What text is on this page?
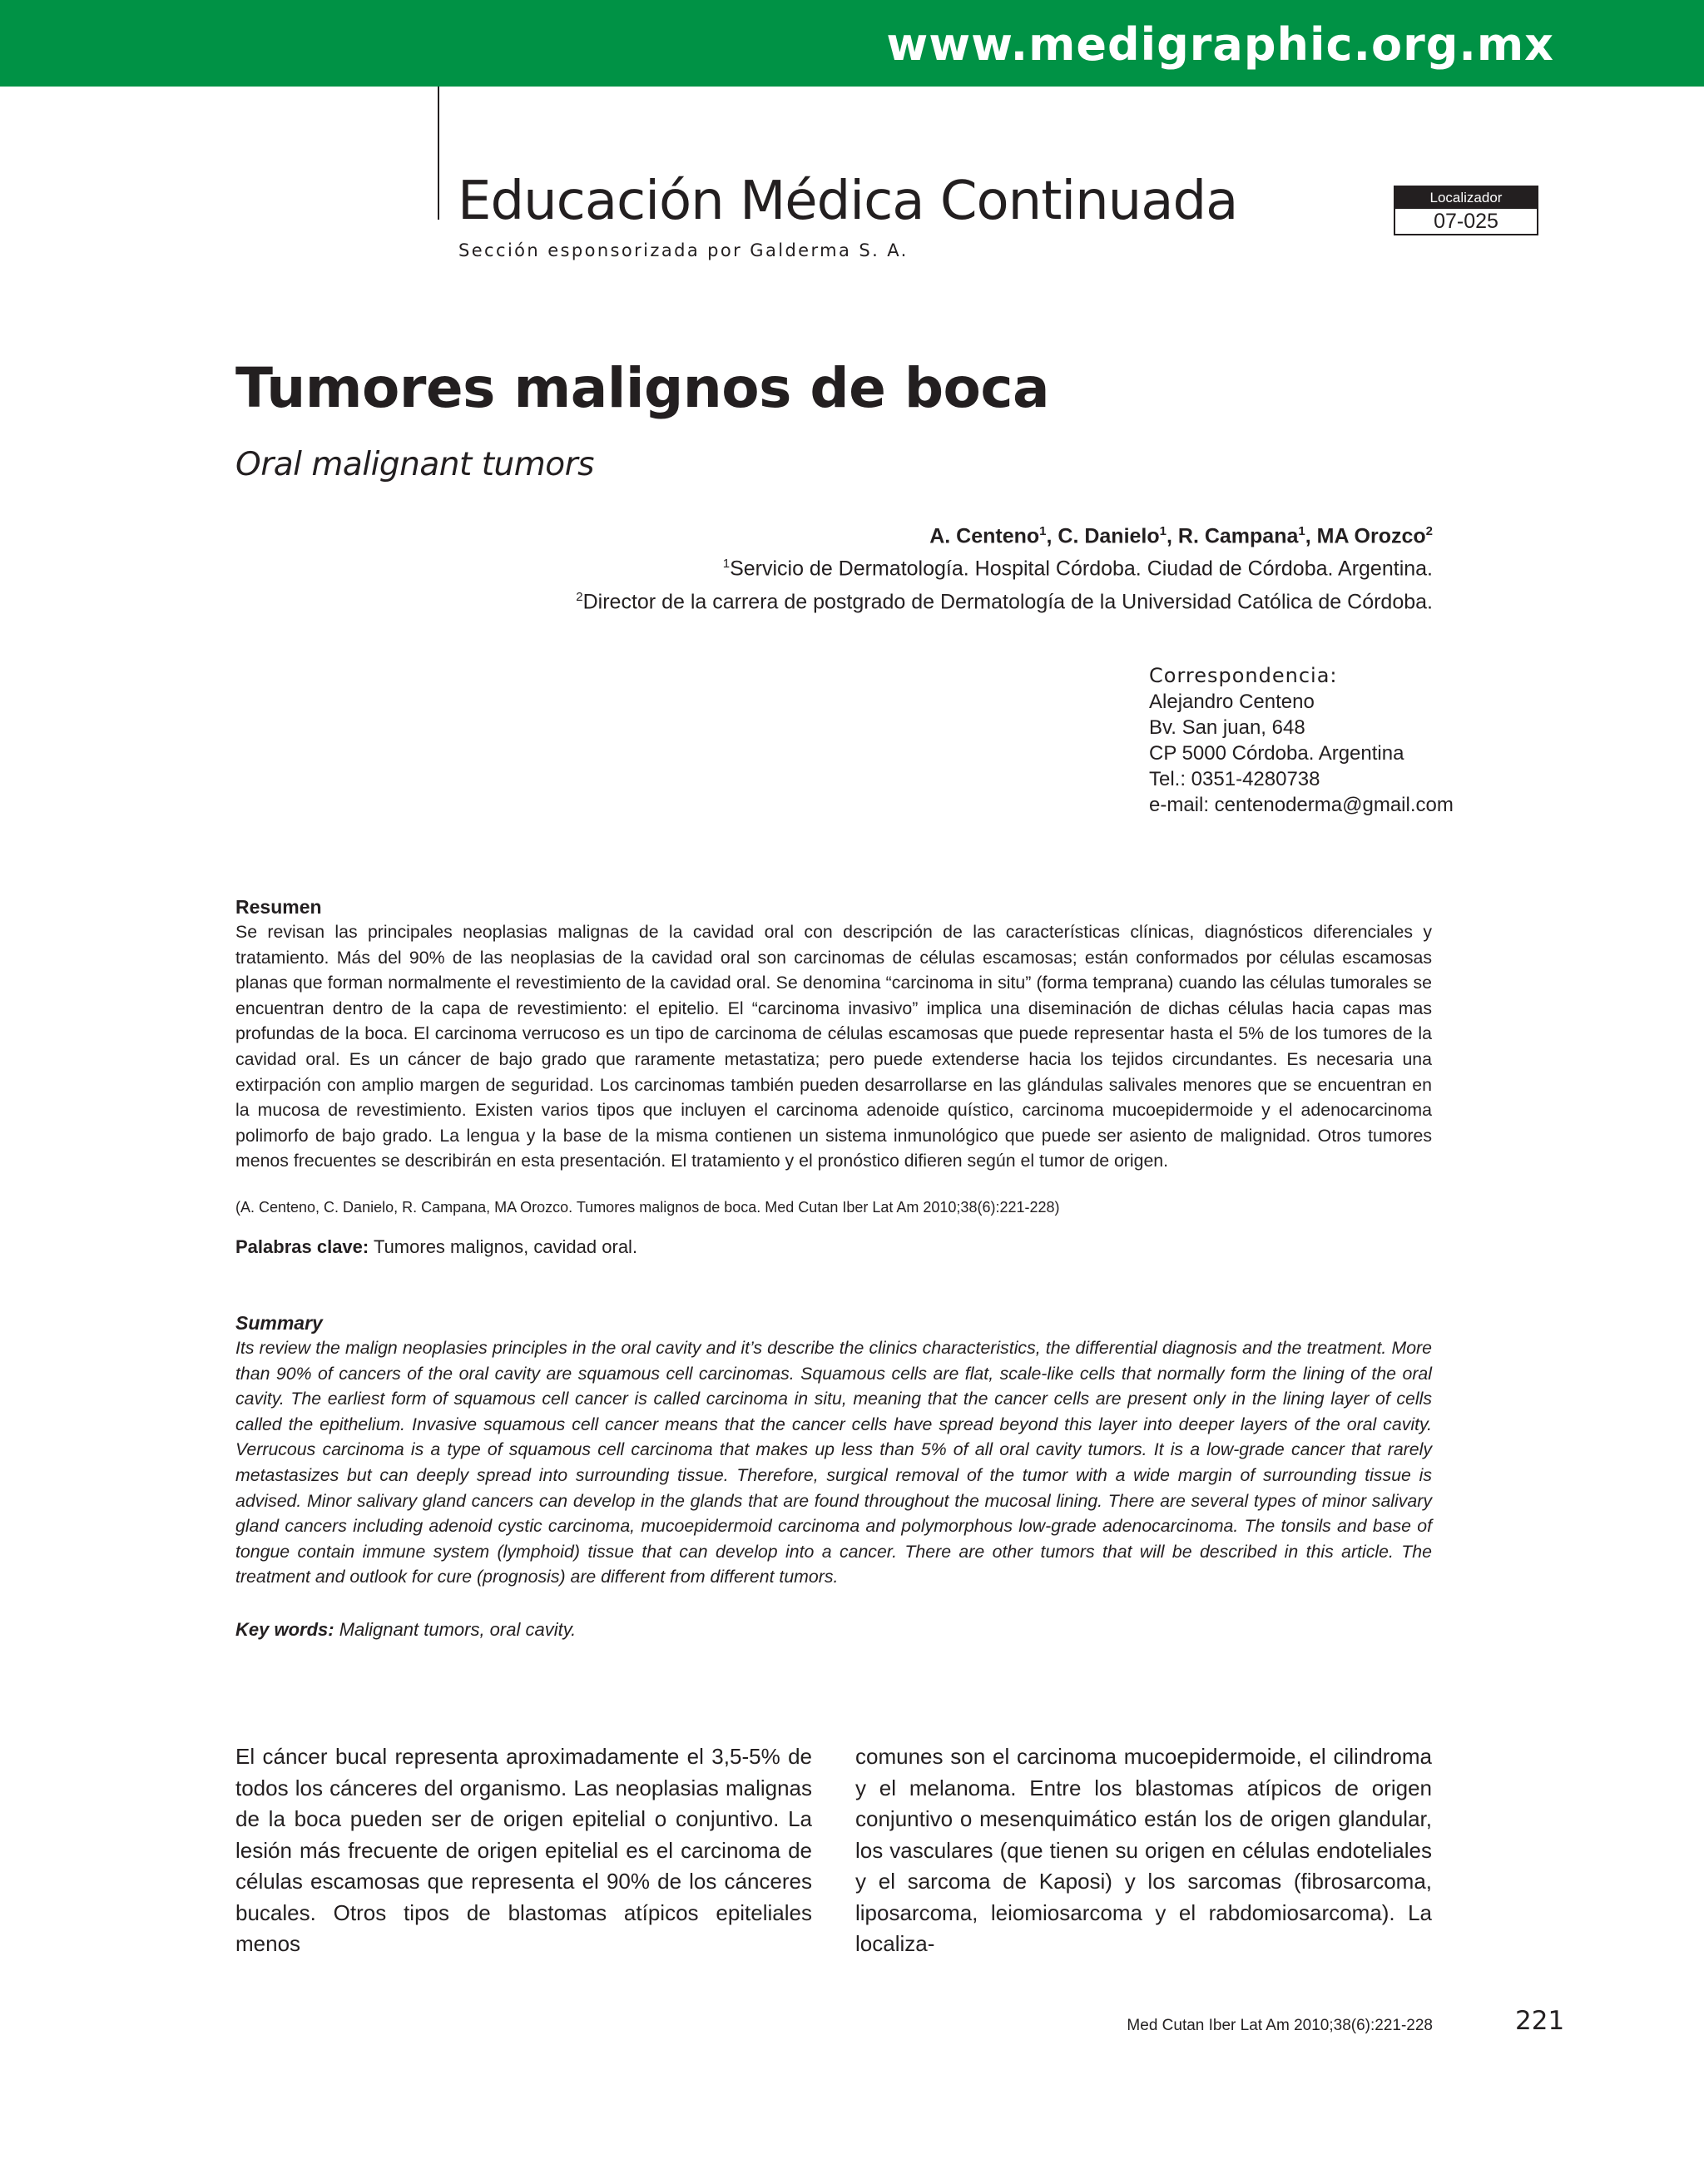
www.medigraphic.org.mx
Educación Médica Continuada
Sección esponsorizada por Galderma S. A.
Localizador
07-025
Tumores malignos de boca
Oral malignant tumors
A. Centeno$^1$, C. Danielo$^1$, R. Campana$^1$, MA Orozco$^2$
$^1$Servicio de Dermatología. Hospital Córdoba. Ciudad de Córdoba. Argentina.
$^2$Director de la carrera de postgrado de Dermatología de la Universidad Católica de Córdoba.
Correspondencia:
Alejandro Centeno
Bv. San juan, 648
CP 5000 Córdoba. Argentina
Tel.: 0351-4280738
e-mail: centenoderma@gmail.com
Resumen

Se revisan las principales neoplasias malignas de la cavidad oral con descripción de las características clínicas, diagnósticos diferenciales y tratamiento. Más del 90% de las neoplasias de la cavidad oral son carcinomas de células escamosas; están conformados por células escamosas planas que forman normalmente el revestimiento de la cavidad oral. Se denomina “carcinoma in situ” (forma temprana) cuando las células tumorales se encuentran dentro de la capa de revestimiento: el epitelio. El “carcinoma invasivo” implica una diseminación de dichas células hacia capas mas profundas de la boca. El carcinoma verrucoso es un tipo de carcinoma de células escamosas que puede representar hasta el 5% de los tumores de la cavidad oral. Es un cáncer de bajo grado que raramente metastatiza; pero puede extenderse hacia los tejidos circundantes. Es necesaria una extirpación con amplio margen de seguridad. Los carcinomas también pueden desarrollarse en las glándulas salivales menores que se encuentran en la mucosa de revestimiento. Existen varios tipos que incluyen el carcinoma adenoide quístico, carcinoma mucoepidermoide y el adenocarcinoma polimorfo de bajo grado. La lengua y la base de la misma contienen un sistema inmunológico que puede ser asiento de malignidad. Otros tumores menos frecuentes se describirán en esta presentación. El tratamiento y el pronóstico difieren según el tumor de origen.

(A. Centeno, C. Danielo, R. Campana, MA Orozco. Tumores malignos de boca. Med Cutan Iber Lat Am 2010;38(6):221-228)
Palabras clave: Tumores malignos, cavidad oral.
Summary

Its review the malign neoplasies principles in the oral cavity and it’s describe the clinics characteristics, the differential diagnosis and the treatment. More than 90% of cancers of the oral cavity are squamous cell carcinomas. Squamous cells are flat, scale-like cells that normally form the lining of the oral cavity. The earliest form of squamous cell cancer is called carcinoma in situ, meaning that the cancer cells are present only in the lining layer of cells called the epithelium. Invasive squamous cell cancer means that the cancer cells have spread beyond this layer into deeper layers of the oral cavity. Verrucous carcinoma is a type of squamous cell carcinoma that makes up less than 5% of all oral cavity tumors. It is a low-grade cancer that rarely metastasizes but can deeply spread into surrounding tissue. Therefore, surgical removal of the tumor with a wide margin of surrounding tissue is advised. Minor salivary gland cancers can develop in the glands that are found throughout the mucosal lining. There are several types of minor salivary gland cancers including adenoid cystic carcinoma, mucoepidermoid carcinoma and polymorphous low-grade adenocarcinoma. The tonsils and base of tongue contain immune system (lymphoid) tissue that can develop into a cancer. There are other tumors that will be described in this article. The treatment and outlook for cure (prognosis) are different from different tumors.

Key words: Malignant tumors, oral cavity.

El cáncer bucal representa aproximadamente el 3,5-5% de todos los cánceres del organismo. Las neoplasias malignas de la boca pueden ser de origen epitelial o conjuntivo. La lesión más frecuente de origen epitelial es el carcinoma de células escamosas que representa el 90% de los cánceres bucales. Otros tipos de blastomas atípicos epiteliales menos

comunes son el carcinoma mucoepidermoide, el cilindroma y el melanoma. Entre los blastomas atípicos de origen conjuntivo o mesenquimático están los de origen glandular, los vasculares (que tienen su origen en células endoteliales y el sarcoma de Kaposi) y los sarcomas (fibrosarcoma, liposarcoma, leiomiosarcoma y el rabdomiosarcoma). La localiza-

Med Cutan Iber Lat Am 2010;38(6):221-228	221
